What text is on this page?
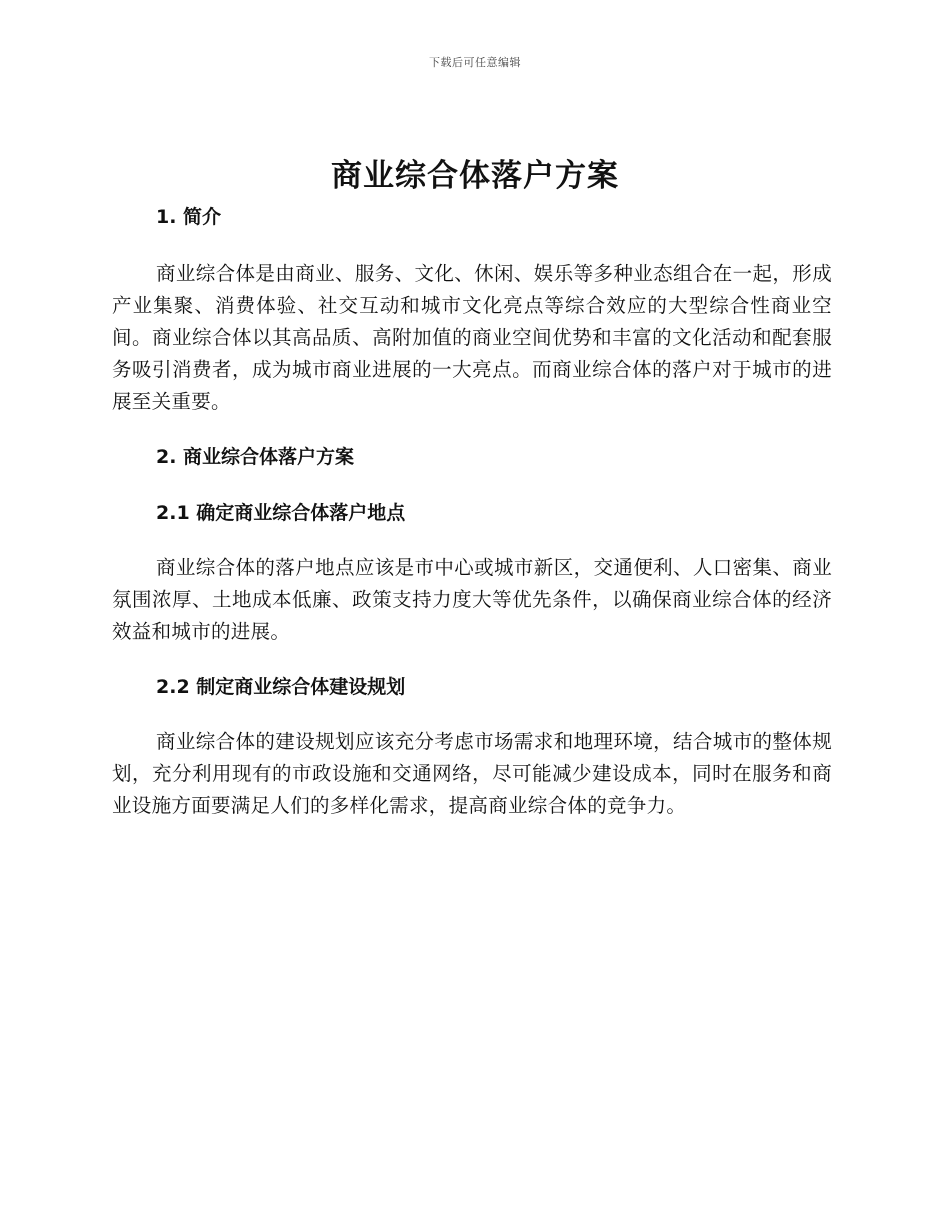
下载后可任意编辑
商业综合体落户方案
1. 简介

商业综合体是由商业、服务、文化、休闲、娱乐等多种业态组合在一起，形成产业集聚、消费体验、社交互动和城市文化亮点等综合效应的大型综合性商业空间。商业综合体以其高品质、高附加值的商业空间优势和丰富的文化活动和配套服务吸引消费者，成为城市商业进展的一大亮点。而商业综合体的落户对于城市的进展至关重要。

2. 商业综合体落户方案
2.1 确定商业综合体落户地点

商业综合体的落户地点应该是市中心或城市新区，交通便利、人口密集、商业氛围浓厚、土地成本低廉、政策支持力度大等优先条件，以确保商业综合体的经济效益和城市的进展。

2.2 制定商业综合体建设规划

商业综合体的建设规划应该充分考虑市场需求和地理环境，结合城市的整体规划，充分利用现有的市政设施和交通网络，尽可能减少建设成本，同时在服务和商业设施方面要满足人们的多样化需求，提高商业综合体的竞争力。
